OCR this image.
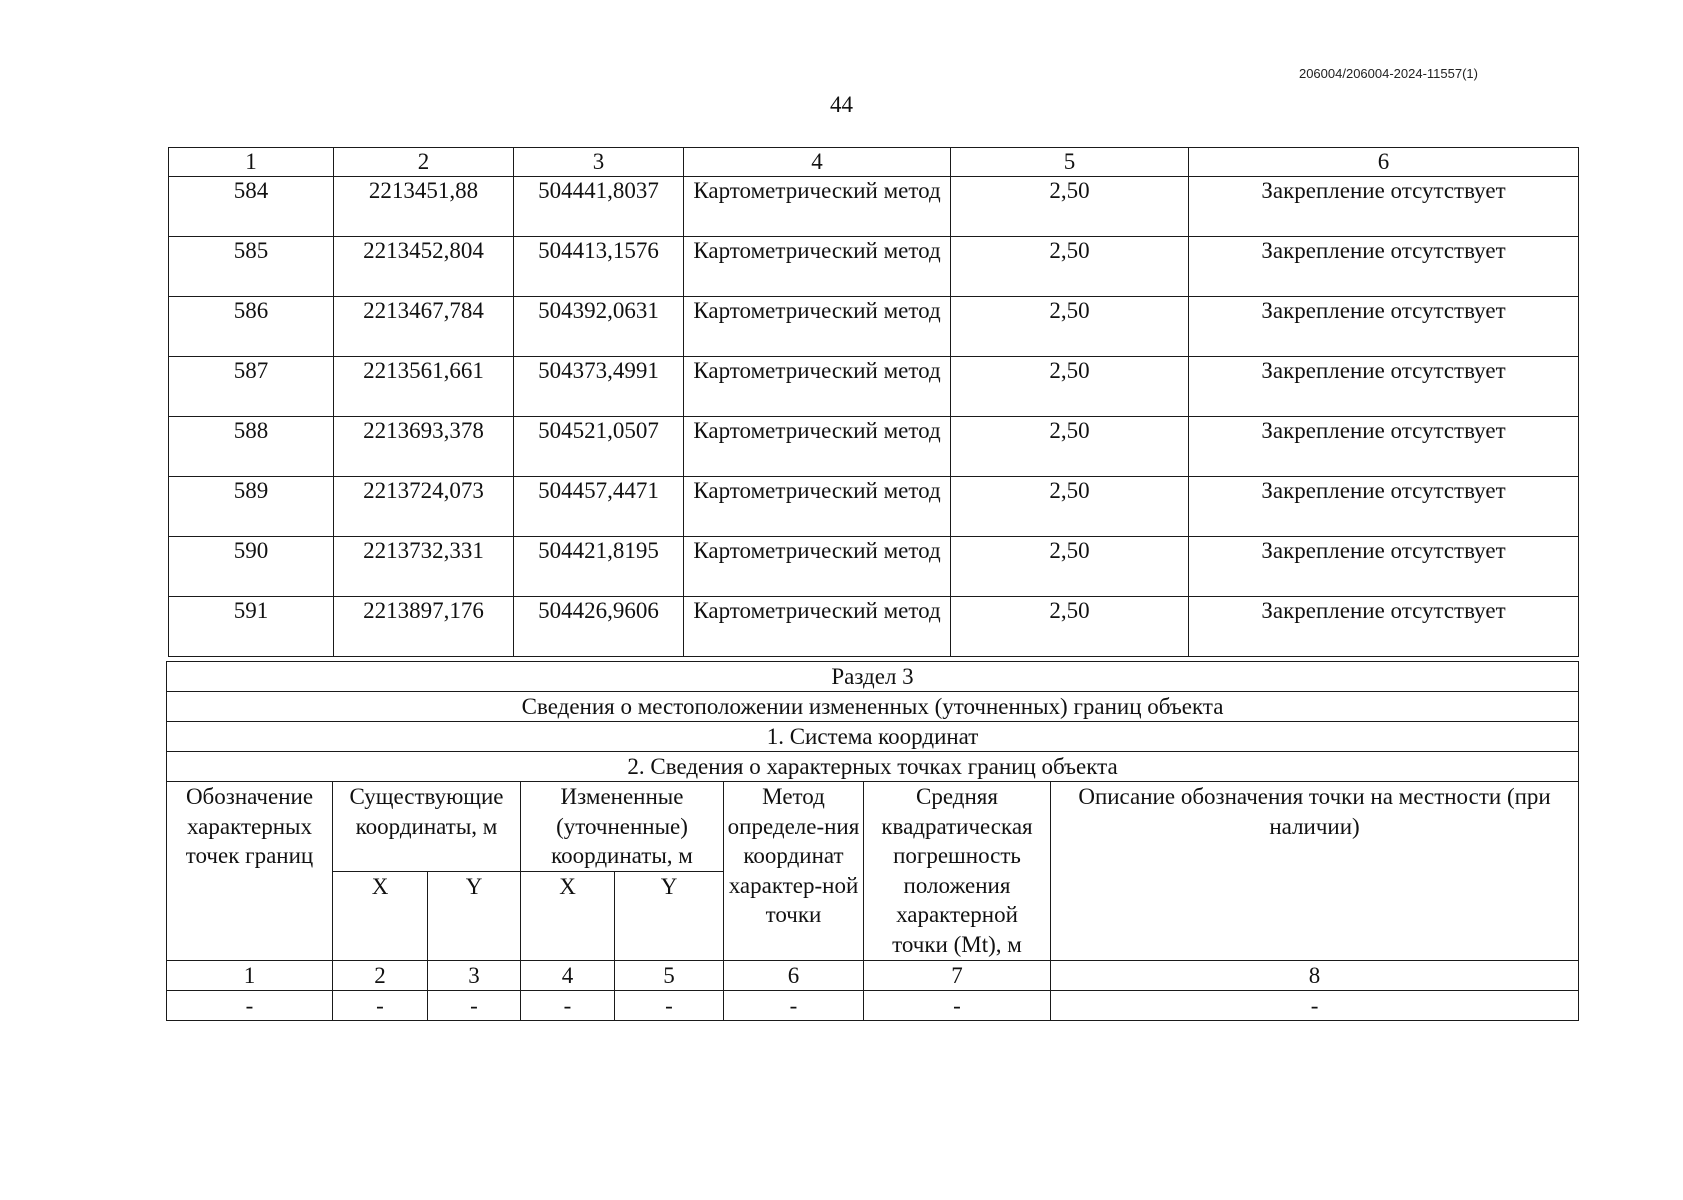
206004/206004-2024-11557(1)
44
1	2	3	4	5	6
584	2213451,88	504441,8037	Картометрический метод	2,50	Закрепление отсутствует
585	2213452,804	504413,1576	Картометрический метод	2,50	Закрепление отсутствует
586	2213467,784	504392,0631	Картометрический метод	2,50	Закрепление отсутствует
587	2213561,661	504373,4991	Картометрический метод	2,50	Закрепление отсутствует
588	2213693,378	504521,0507	Картометрический метод	2,50	Закрепление отсутствует
589	2213724,073	504457,4471	Картометрический метод	2,50	Закрепление отсутствует
590	2213732,331	504421,8195	Картометрический метод	2,50	Закрепление отсутствует
591	2213897,176	504426,9606	Картометрический метод	2,50	Закрепление отсутствует
Раздел 3							
Сведения о местоположении измененных (уточненных) границ объекта							
1. Система координат							
2. Сведения о характерных точках границ объекта							
Обозначение характерных точек границ	Существующие координаты, м		Измененные (уточненные) координаты, м		Метод определе-ния координат характер-ной точки	Средняя квадратическая погрешность положения характерной точки (Mt), м	Описание обозначения точки на местности (при наличии)
	X	Y	X	Y			
1	2	3	4	5	6	7	8
-	-	-	-	-	-	-	-
